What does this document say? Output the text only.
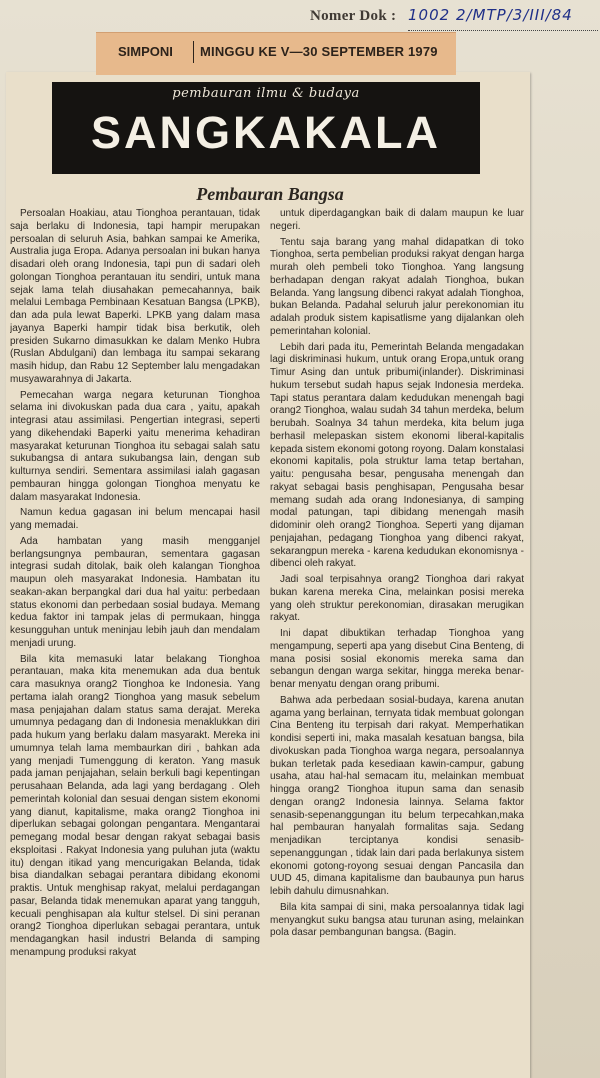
Nomer Dok : 1002 2/MTP/3/III/84
SIMPONI MINGGU KE V—30 SEPTEMBER 1979
pembauran ilmu & budaya
SANGKAKALA
Pembauran Bangsa

Persoalan Hoakiau, atau Tionghoa perantauan, tidak saja berlaku di Indonesia, tapi hampir merupakan persoalan di seluruh Asia, bahkan sampai ke Amerika, Australia juga Eropa. Adanya persoalan ini bukan hanya disadari oleh orang Indonesia, tapi pun di sadari oleh golongan Tionghoa perantauan itu sendiri, untuk mana sejak lama telah diusahakan pemecahannya, baik melalui Lembaga Pembinaan Kesatuan Bangsa (LPKB), dan ada pula lewat Baperki. LPKB yang dalam masa jayanya Baperki hampir tidak bisa berkutik, oleh presiden Sukarno dimasukkan ke dalam Menko Hubra (Ruslan Abdulgani) dan lembaga itu sampai sekarang masih hidup, dan Rabu 12 September lalu mengadakan musyawarahnya di Jakarta.

Pemecahan warga negara keturunan Tionghoa selama ini divokuskan pada dua cara , yaitu, apakah integrasi atau assimilasi. Pengertian integrasi, seperti yang dikehendaki Baperki yaitu menerima kehadiran masyarakat keturunan Tionghoa itu sebagai salah satu sukubangsa di antara sukubangsa lain, dengan sub kulturnya sendiri. Sementara assimilasi ialah gagasan pembauran hingga golongan Tionghoa menyatu ke dalam masyarakat Indonesia.

Namun kedua gagasan ini belum mencapai hasil yang memadai.

Ada hambatan yang masih mengganjel berlangsungnya pembauran, sementara gagasan integrasi sudah ditolak, baik oleh kalangan Tionghoa maupun oleh masyarakat Indonesia. Hambatan itu seakan-akan berpangkal dari dua hal yaitu: perbedaan status ekonomi dan perbedaan sosial budaya. Memang kedua faktor ini tampak jelas di permukaan, hingga kesungguhan untuk meninjau lebih jauh dan mendalam menjadi urung.

Bila kita memasuki latar belakang Tionghoa perantauan, maka kita menemukan ada dua bentuk cara masuknya orang2 Tionghoa ke Indonesia. Yang pertama ialah orang2 Tionghoa yang masuk sebelum masa penjajahan dalam status sama derajat. Mereka umumnya pedagang dan di Indonesia menaklukkan diri pada hukum yang berlaku dalam masyarakt. Mereka ini umumnya telah lama membaurkan diri , bahkan ada yang menjadi Tumenggung di keraton. Yang masuk pada jaman penjajahan, selain berkuli bagi kepentingan perusahaan Belanda, ada lagi yang berdagang . Oleh pemerintah kolonial dan sesuai dengan sistem ekonomi yang dianut, kapitalisme, maka orang2 Tionghoa ini diperlukan sebagai golongan pengantara. Mengantarai pemegang modal besar dengan rakyat sebagai basis eksploitasi . Rakyat Indonesia yang puluhan juta (waktu itu) dengan itikad yang mencurigakan Belanda, tidak bisa diandalkan sebagai perantara dibidang ekonomi praktis. Untuk menghisap rakyat, melalui perdagangan pasar, Belanda tidak menemukan aparat yang tangguh, kecuali penghisapan ala kultur stelsel. Di sini peranan orang2 Tionghoa diperlukan sebagai perantara, untuk mendagangkan hasil industri Belanda di samping menampung produksi rakyat

untuk diperdagangkan baik di dalam maupun ke luar negeri.

Tentu saja barang yang mahal didapatkan di toko Tionghoa, serta pembelian produksi rakyat dengan harga murah oleh pembeli toko Tionghoa. Yang langsung berhadapan dengan rakyat adalah Tionghoa, bukan Belanda. Yang langsung dibenci rakyat adalah Tionghoa, bukan Belanda. Padahal seluruh jalur perekonomian itu adalah produk sistem kapisatlisme yang dijalankan oleh pemerintahan kolonial.

Lebih dari pada itu, Pemerintah Belanda mengadakan lagi diskriminasi hukum, untuk orang Eropa,untuk orang Timur Asing dan untuk pribumi(inlander). Diskriminasi hukum tersebut sudah hapus sejak Indonesia merdeka. Tapi status perantara dalam kedudukan menengah bagi orang2 Tionghoa, walau sudah 34 tahun merdeka, belum berubah. Soalnya 34 tahun merdeka, kita belum juga berhasil melepaskan sistem ekonomi liberal-kapitalis kepada sistem ekonomi gotong royong. Dalam konstalasi ekonomi kapitalis, pola struktur lama tetap bertahan, yaitu: pengusaha besar, pengusaha menengah dan rakyat sebagai basis penghisapan, Pengusaha besar memang sudah ada orang Indonesianya, di samping modal patungan, tapi dibidang menengah masih didominir oleh orang2 Tionghoa. Seperti yang dijaman penjajahan, pedagang Tionghoa yang dibenci rakyat, sekarangpun mereka - karena kedudukan ekonomisnya - dibenci oleh rakyat.

Jadi soal terpisahnya orang2 Tionghoa dari rakyat bukan karena mereka Cina, melainkan posisi mereka yang oleh struktur perekonomian, dirasakan merugikan rakyat.

Ini dapat dibuktikan terhadap Tionghoa yang mengampung, seperti apa yang disebut Cina Benteng, di mana posisi sosial ekonomis mereka sama dan sebangun dengan warga sekitar, hingga mereka benar-benar menyatu dengan orang pribumi.

Bahwa ada perbedaan sosial-budaya, karena anutan agama yang berlainan, ternyata tidak membuat golongan Cina Benteng itu terpisah dari rakyat. Memperhatikan kondisi seperti ini, maka masalah kesatuan bangsa, bila divokuskan pada Tionghoa warga negara, persoalannya bukan terletak pada kesediaan kawin-campur, gabung usaha, atau hal-hal semacam itu, melainkan membuat hingga orang2 Tionghoa itupun sama dan senasib dengan orang2 Indonesia lainnya. Selama faktor senasib-sepenanggungan itu belum terpecahkan,maka hal pembauran hanyalah formalitas saja. Sedang menjadikan terciptanya kondisi senasib-sepenanggungan , tidak lain dari pada berlakunya sistem ekonomi gotong-royong sesuai dengan Pancasila dan UUD 45, dimana kapitalisme dan baubaunya pun harus lebih dahulu dimusnahkan.

Bila kita sampai di sini, maka persoalannya tidak lagi menyangkut suku bangsa atau turunan asing, melainkan pola dasar pembangunan bangsa. (Bagin.
